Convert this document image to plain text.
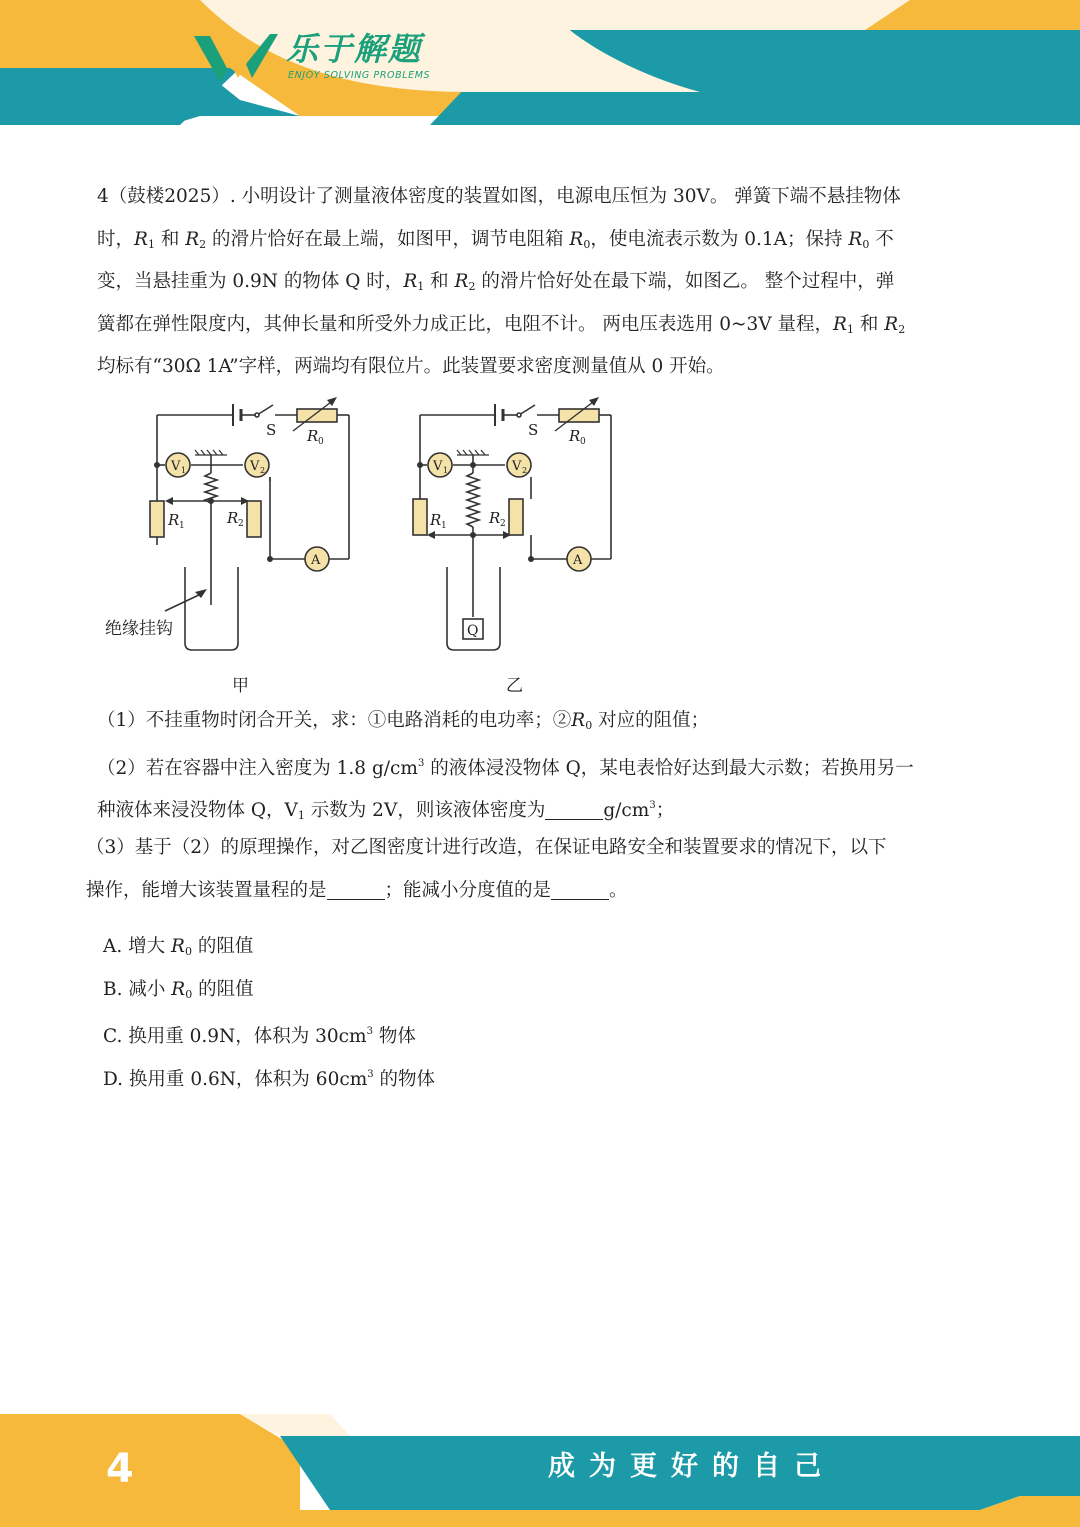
乐于解题
ENJOY SOLVING PROBLEMS
4（鼓楼2025）. 小明设计了测量液体密度的装置如图，电源电压恒为 30V。 弹簧下端不悬挂物体
时，$R_1$ 和 $R_2$ 的滑片恰好在最上端，如图甲，调节电阻箱 $R_0$，使电流表示数为 0.1A；保持 $R_0$ 不
变，当悬挂重为 0.9N 的物体 Q 时，$R_1$ 和 $R_2$ 的滑片恰好处在最下端，如图乙。 整个过程中，弹
簧都在弹性限度内，其伸长量和所受外力成正比，电阻不计。 两电压表选用 0~3V 量程，$R_1$ 和 $R_2$
均标有“30Ω 1A”字样，两端均有限位片。此装置要求密度测量值从 0 开始。
S R 0
R 1	R 2
V 1	V 2
A
绝缘挂钩
甲
S R 0
R 1	R 2
V 1	V 2
A
Q
乙
（1）不挂重物时闭合开关，求：①电路消耗的电功率；$②R_0$ 对应的阻值；
（2）若在容器中注入密度为 1.8 $g/cm^3$ 的液体浸没物体 Q，某电表恰好达到最大示数；若换用另一
种液体来浸没物体 Q，$V_1$ 示数为 2V，则该液体密度为	$g/cm^3$；
（3）基于（2）的原理操作，对乙图密度计进行改造，在保证电路安全和装置要求的情况下，以下
操作，能增大该装置量程的是	；能减小分度值的是	。
A. 增大 $R_0$ 的阻值
B. 减小 $R_0$ 的阻值
C. 换用重 0.9N，体积为 $30cm^3$ 物体
D. 换用重 0.6N，体积为 $60cm^3$ 的物体
4	成为更好的自己
